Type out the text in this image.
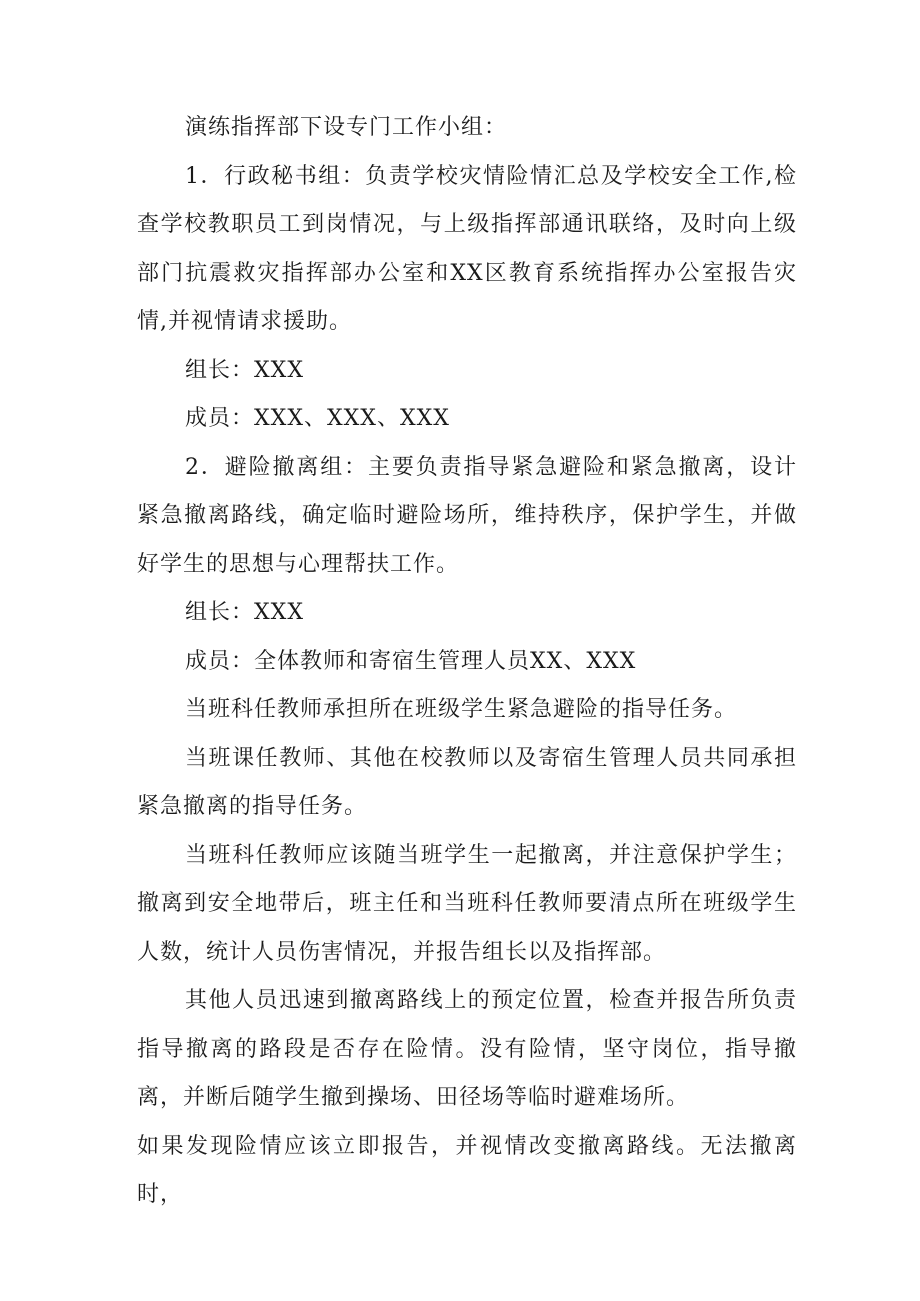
演练指挥部下设专门工作小组：

1．行政秘书组：负责学校灾情险情汇总及学校安全工作,检查学校教职员工到岗情况，与上级指挥部通讯联络，及时向上级部门抗震救灾指挥部办公室和XX区教育系统指挥办公室报告灾情,并视情请求援助。

组长：XXX

成员：XXX、XXX、XXX

2．避险撤离组：主要负责指导紧急避险和紧急撤离，设计紧急撤离路线，确定临时避险场所，维持秩序，保护学生，并做好学生的思想与心理帮扶工作。

组长：XXX

成员：全体教师和寄宿生管理人员XX、XXX

当班科任教师承担所在班级学生紧急避险的指导任务。

当班课任教师、其他在校教师以及寄宿生管理人员共同承担紧急撤离的指导任务。

当班科任教师应该随当班学生一起撤离，并注意保护学生；撤离到安全地带后，班主任和当班科任教师要清点所在班级学生人数，统计人员伤害情况，并报告组长以及指挥部。

其他人员迅速到撤离路线上的预定位置，检查并报告所负责指导撤离的路段是否存在险情。没有险情，坚守岗位，指导撤离，并断后随学生撤到操场、田径场等临时避难场所。

如果发现险情应该立即报告，并视情改变撤离路线。无法撤离时，
